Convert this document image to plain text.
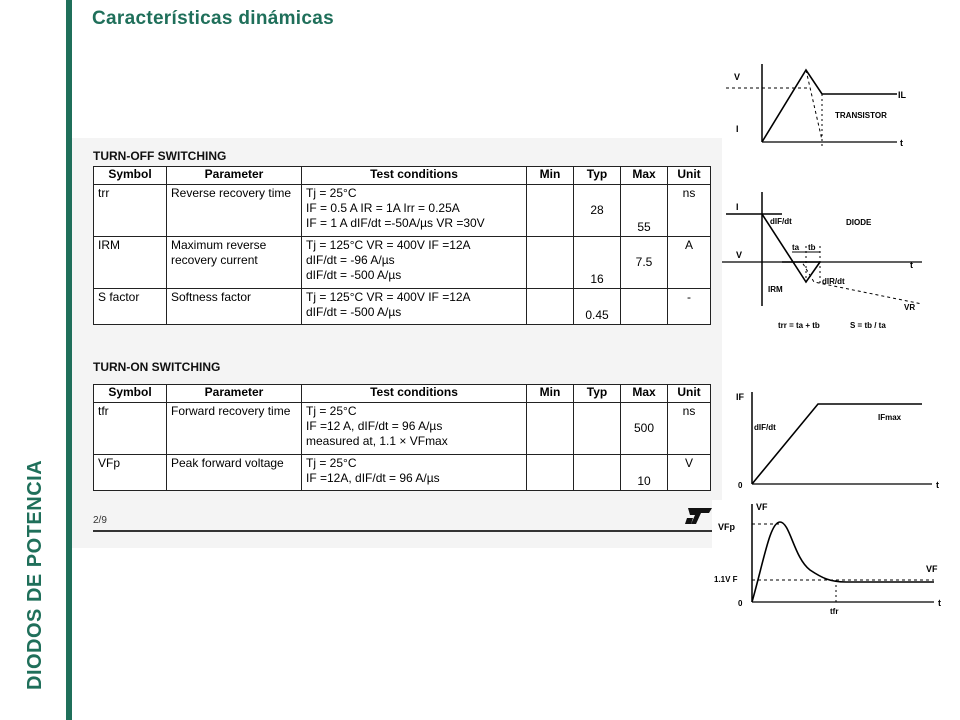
DIODOS DE POTENCIA
Características dinámicas
TURN-OFF SWITCHING
Symbol	Parameter	Test conditions	Min	Typ	Max	Unit
trr	Reverse recovery time	Tj = 25°C
IF = 0.5 A IR = 1A Irr = 0.25A
IF = 1 A dIF/dt =-50A/µs VR =30V		28	55	ns
IRM	Maximum reverse recovery current	Tj = 125°C VR = 400V IF =12A
dIF/dt = -96 A/µs
dIF/dt = -500 A/µs		16	7.5	A
S factor	Softness factor	Tj = 125°C VR = 400V IF =12A
dIF/dt = -500 A/µs		0.45		-
TURN-ON SWITCHING
Symbol	Parameter	Test conditions	Min	Typ	Max	Unit
tfr	Forward recovery time	Tj = 25°C
IF =12 A, dIF/dt = 96 A/µs
measured at, 1.1 × VFmax			500	ns
VFp	Peak forward voltage	Tj = 25°C
IF =12A, dIF/dt = 96 A/µs			10	V
2/9
V
I
IL
TRANSISTOR
t
I
V
t
DIODE
dIF/dt
ta tb
dIR/dt
IRM
VR
trr = ta + tb	S = tb / ta
IF
dIF/dt
IFmax
0	t
VF
VFp
1.1V F
VF
0
tfr
t
